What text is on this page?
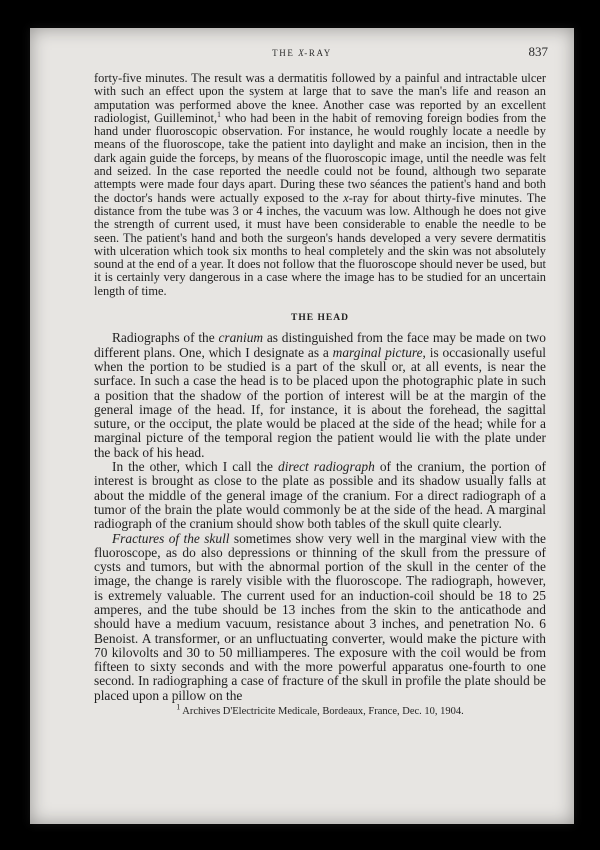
THE X-RAY	837

forty-five minutes. The result was a dermatitis followed by a painful and intractable ulcer with such an effect upon the system at large that to save the man's life and reason an amputation was performed above the knee. Another case was reported by an excellent radiologist, Guilleminot,$^1$ who had been in the habit of removing foreign bodies from the hand under fluoroscopic observation. For instance, he would roughly locate a needle by means of the fluoroscope, take the patient into daylight and make an incision, then in the dark again guide the forceps, by means of the fluoroscopic image, until the needle was felt and seized. In the case reported the needle could not be found, although two separate attempts were made four days apart. During these two séances the patient's hand and both the doctor's hands were actually exposed to the x-ray for about thirty-five minutes. The distance from the tube was 3 or 4 inches, the vacuum was low. Although he does not give the strength of current used, it must have been considerable to enable the needle to be seen. The patient's hand and both the surgeon's hands developed a very severe dermatitis with ulceration which took six months to heal completely and the skin was not absolutely sound at the end of a year. It does not follow that the fluoroscope should never be used, but it is certainly very dangerous in a case where the image has to be studied for an uncertain length of time.

THE HEAD

Radiographs of the cranium as distinguished from the face may be made on two different plans. One, which I designate as a marginal picture, is occasionally useful when the portion to be studied is a part of the skull or, at all events, is near the surface. In such a case the head is to be placed upon the photographic plate in such a position that the shadow of the portion of interest will be at the margin of the general image of the head. If, for instance, it is about the forehead, the sagittal suture, or the occiput, the plate would be placed at the side of the head; while for a marginal picture of the temporal region the patient would lie with the plate under the back of his head.

In the other, which I call the direct radiograph of the cranium, the portion of interest is brought as close to the plate as possible and its shadow usually falls at about the middle of the general image of the cranium. For a direct radiograph of a tumor of the brain the plate would commonly be at the side of the head. A marginal radiograph of the cranium should show both tables of the skull quite clearly.

Fractures of the skull sometimes show very well in the marginal view with the fluoroscope, as do also depressions or thinning of the skull from the pressure of cysts and tumors, but with the abnormal portion of the skull in the center of the image, the change is rarely visible with the fluoroscope. The radiograph, however, is extremely valuable. The current used for an induction-coil should be 18 to 25 amperes, and the tube should be 13 inches from the skin to the anticathode and should have a medium vacuum, resistance about 3 inches, and penetration No. 6 Benoist. A transformer, or an unfluctuating converter, would make the picture with 70 kilovolts and 30 to 50 milliamperes. The exposure with the coil would be from fifteen to sixty seconds and with the more powerful apparatus one-fourth to one second. In radiographing a case of fracture of the skull in profile the plate should be placed upon a pillow on the

$^1$ Archives D'Electricite Medicale, Bordeaux, France, Dec. 10, 1904.
